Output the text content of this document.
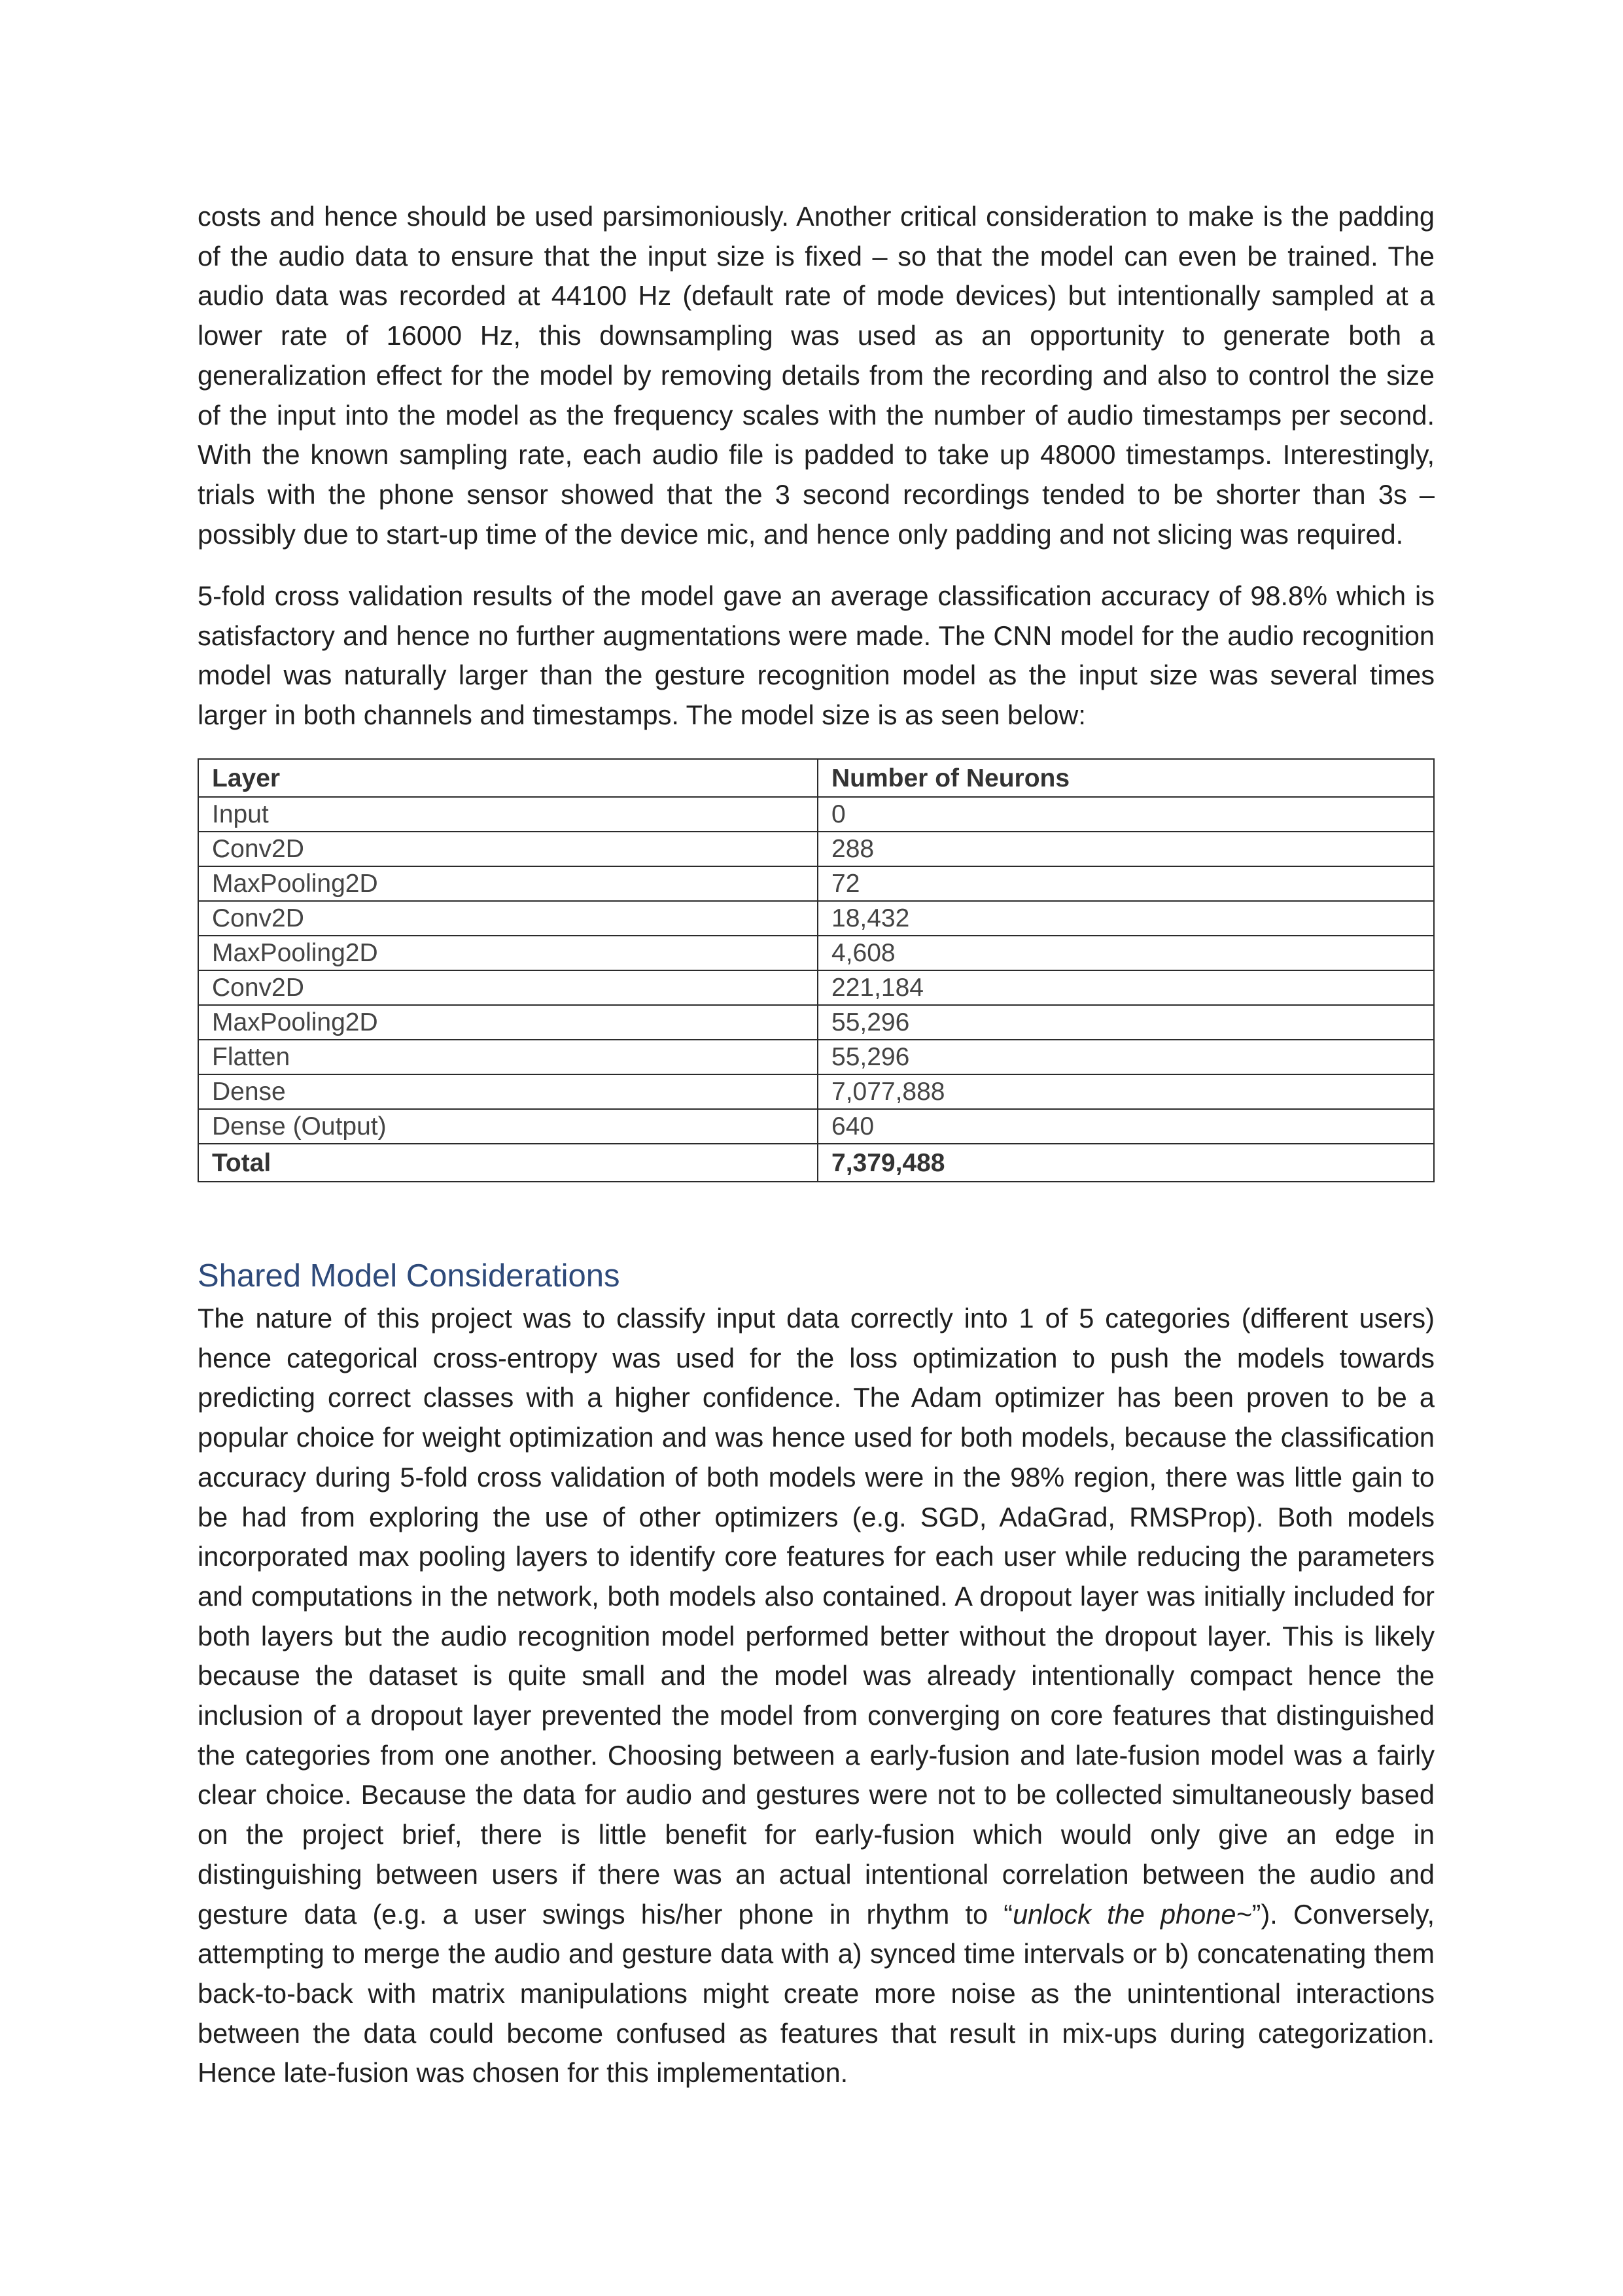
costs and hence should be used parsimoniously. Another critical consideration to make is the padding of the audio data to ensure that the input size is fixed – so that the model can even be trained. The audio data was recorded at 44100 Hz (default rate of mode devices) but intentionally sampled at a lower rate of 16000 Hz, this downsampling was used as an opportunity to generate both a generalization effect for the model by removing details from the recording and also to control the size of the input into the model as the frequency scales with the number of audio timestamps per second. With the known sampling rate, each audio file is padded to take up 48000 timestamps. Interestingly, trials with the phone sensor showed that the 3 second recordings tended to be shorter than 3s – possibly due to start-up time of the device mic, and hence only padding and not slicing was required.

5-fold cross validation results of the model gave an average classification accuracy of 98.8% which is satisfactory and hence no further augmentations were made. The CNN model for the audio recognition model was naturally larger than the gesture recognition model as the input size was several times larger in both channels and timestamps. The model size is as seen below:

Layer	Number of Neurons
Input	0
Conv2D	288
MaxPooling2D	72
Conv2D	18,432
MaxPooling2D	4,608
Conv2D	221,184
MaxPooling2D	55,296
Flatten	55,296
Dense	7,077,888
Dense (Output)	640
Total	7,379,488
Shared Model Considerations

The nature of this project was to classify input data correctly into 1 of 5 categories (different users) hence categorical cross-entropy was used for the loss optimization to push the models towards predicting correct classes with a higher confidence. The Adam optimizer has been proven to be a popular choice for weight optimization and was hence used for both models, because the classification accuracy during 5-fold cross validation of both models were in the 98% region, there was little gain to be had from exploring the use of other optimizers (e.g. SGD, AdaGrad, RMSProp). Both models incorporated max pooling layers to identify core features for each user while reducing the parameters and computations in the network, both models also contained. A dropout layer was initially included for both layers but the audio recognition model performed better without the dropout layer. This is likely because the dataset is quite small and the model was already intentionally compact hence the inclusion of a dropout layer prevented the model from converging on core features that distinguished the categories from one another. Choosing between a early-fusion and late-fusion model was a fairly clear choice. Because the data for audio and gestures were not to be collected simultaneously based on the project brief, there is little benefit for early-fusion which would only give an edge in distinguishing between users if there was an actual intentional correlation between the audio and gesture data (e.g. a user swings his/her phone in rhythm to “unlock the phone~”). Conversely, attempting to merge the audio and gesture data with a) synced time intervals or b) concatenating them back-to-back with matrix manipulations might create more noise as the unintentional interactions between the data could become confused as features that result in mix-ups during categorization. Hence late-fusion was chosen for this implementation.
